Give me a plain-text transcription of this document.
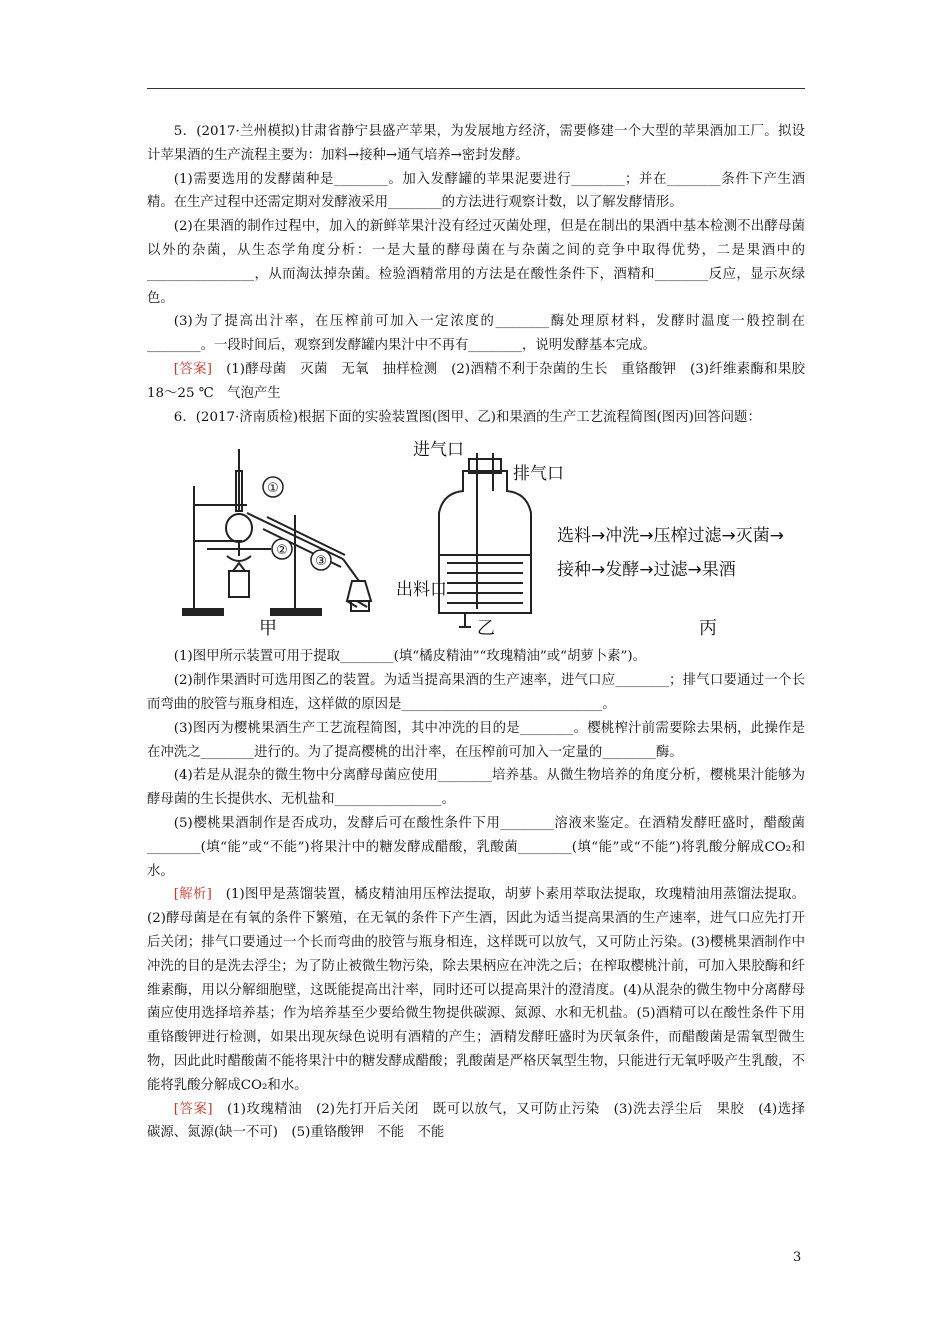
5．(2017·兰州模拟)甘肃省静宁县盛产苹果，为发展地方经济，需要修建一个大型的苹果酒加工厂。拟设计苹果酒的生产流程主要为：加料→接种→通气培养→密封发酵。

(1)需要选用的发酵菌种是________。加入发酵罐的苹果泥要进行________；并在________条件下产生酒精。在生产过程中还需定期对发酵液采用________的方法进行观察计数，以了解发酵情形。

(2)在果酒的制作过程中，加入的新鲜苹果汁没有经过灭菌处理，但是在制出的果酒中基本检测不出酵母菌以外的杂菌，从生态学角度分析：一是大量的酵母菌在与杂菌之间的竞争中取得优势，二是果酒中的________________，从而淘汰掉杂菌。检验酒精常用的方法是在酸性条件下，酒精和________反应，显示灰绿色。

(3)为了提高出汁率，在压榨前可加入一定浓度的________酶处理原材料，发酵时温度一般控制在________。一段时间后，观察到发酵罐内果汁中不再有________，说明发酵基本完成。

[答案]　(1)酵母菌　灭菌　无氧　抽样检测　(2)酒精不利于杂菌的生长　重铬酸钾　(3)纤维素酶和果胶　18～25 ℃　气泡产生

6．(2017·济南质检)根据下面的实验装置图(图甲、乙)和果酒的生产工艺流程简图(图丙)回答问题：

①
②
③
进气口
排气口
出料口
选料→冲洗→压榨过滤→灭菌→
接种→发酵→过滤→果酒
甲	乙	丙

(1)图甲所示装置可用于提取________(填“橘皮精油”“玫瑰精油”或“胡萝卜素”)。

(2)制作果酒时可选用图乙的装置。为适当提高果酒的生产速率，进气口应________；排气口要通过一个长而弯曲的胶管与瓶身相连，这样做的原因是______________________________。

(3)图丙为樱桃果酒生产工艺流程简图，其中冲洗的目的是________。樱桃榨汁前需要除去果柄，此操作是在冲洗之________进行的。为了提高樱桃的出汁率，在压榨前可加入一定量的________酶。

(4)若是从混杂的微生物中分离酵母菌应使用________培养基。从微生物培养的角度分析，樱桃果汁能够为酵母菌的生长提供水、无机盐和________________。

(5)樱桃果酒制作是否成功，发酵后可在酸性条件下用________溶液来鉴定。在酒精发酵旺盛时，醋酸菌________(填“能”或“不能”)将果汁中的糖发酵成醋酸，乳酸菌________(填“能”或“不能”)将乳酸分解成CO₂和水。

[解析]　(1)图甲是蒸馏装置，橘皮精油用压榨法提取，胡萝卜素用萃取法提取，玫瑰精油用蒸馏法提取。(2)酵母菌是在有氧的条件下繁殖，在无氧的条件下产生酒，因此为适当提高果酒的生产速率，进气口应先打开后关闭；排气口要通过一个长而弯曲的胶管与瓶身相连，这样既可以放气，又可防止污染。(3)樱桃果酒制作中冲洗的目的是洗去浮尘；为了防止被微生物污染，除去果柄应在冲洗之后；在榨取樱桃汁前，可加入果胶酶和纤维素酶，用以分解细胞壁，这既能提高出汁率，同时还可以提高果汁的澄清度。(4)从混杂的微生物中分离酵母菌应使用选择培养基；作为培养基至少要给微生物提供碳源、氮源、水和无机盐。(5)酒精可以在酸性条件下用重铬酸钾进行检测，如果出现灰绿色说明有酒精的产生；酒精发酵旺盛时为厌氧条件，而醋酸菌是需氧型微生物，因此此时醋酸菌不能将果汁中的糖发酵成醋酸；乳酸菌是严格厌氧型生物，只能进行无氧呼吸产生乳酸，不能将乳酸分解成CO₂和水。

[答案]　(1)玫瑰精油　(2)先打开后关闭　既可以放气，又可防止污染　(3)洗去浮尘后　果胶　(4)选择　碳源、氮源(缺一不可)　(5)重铬酸钾　不能　不能

3
